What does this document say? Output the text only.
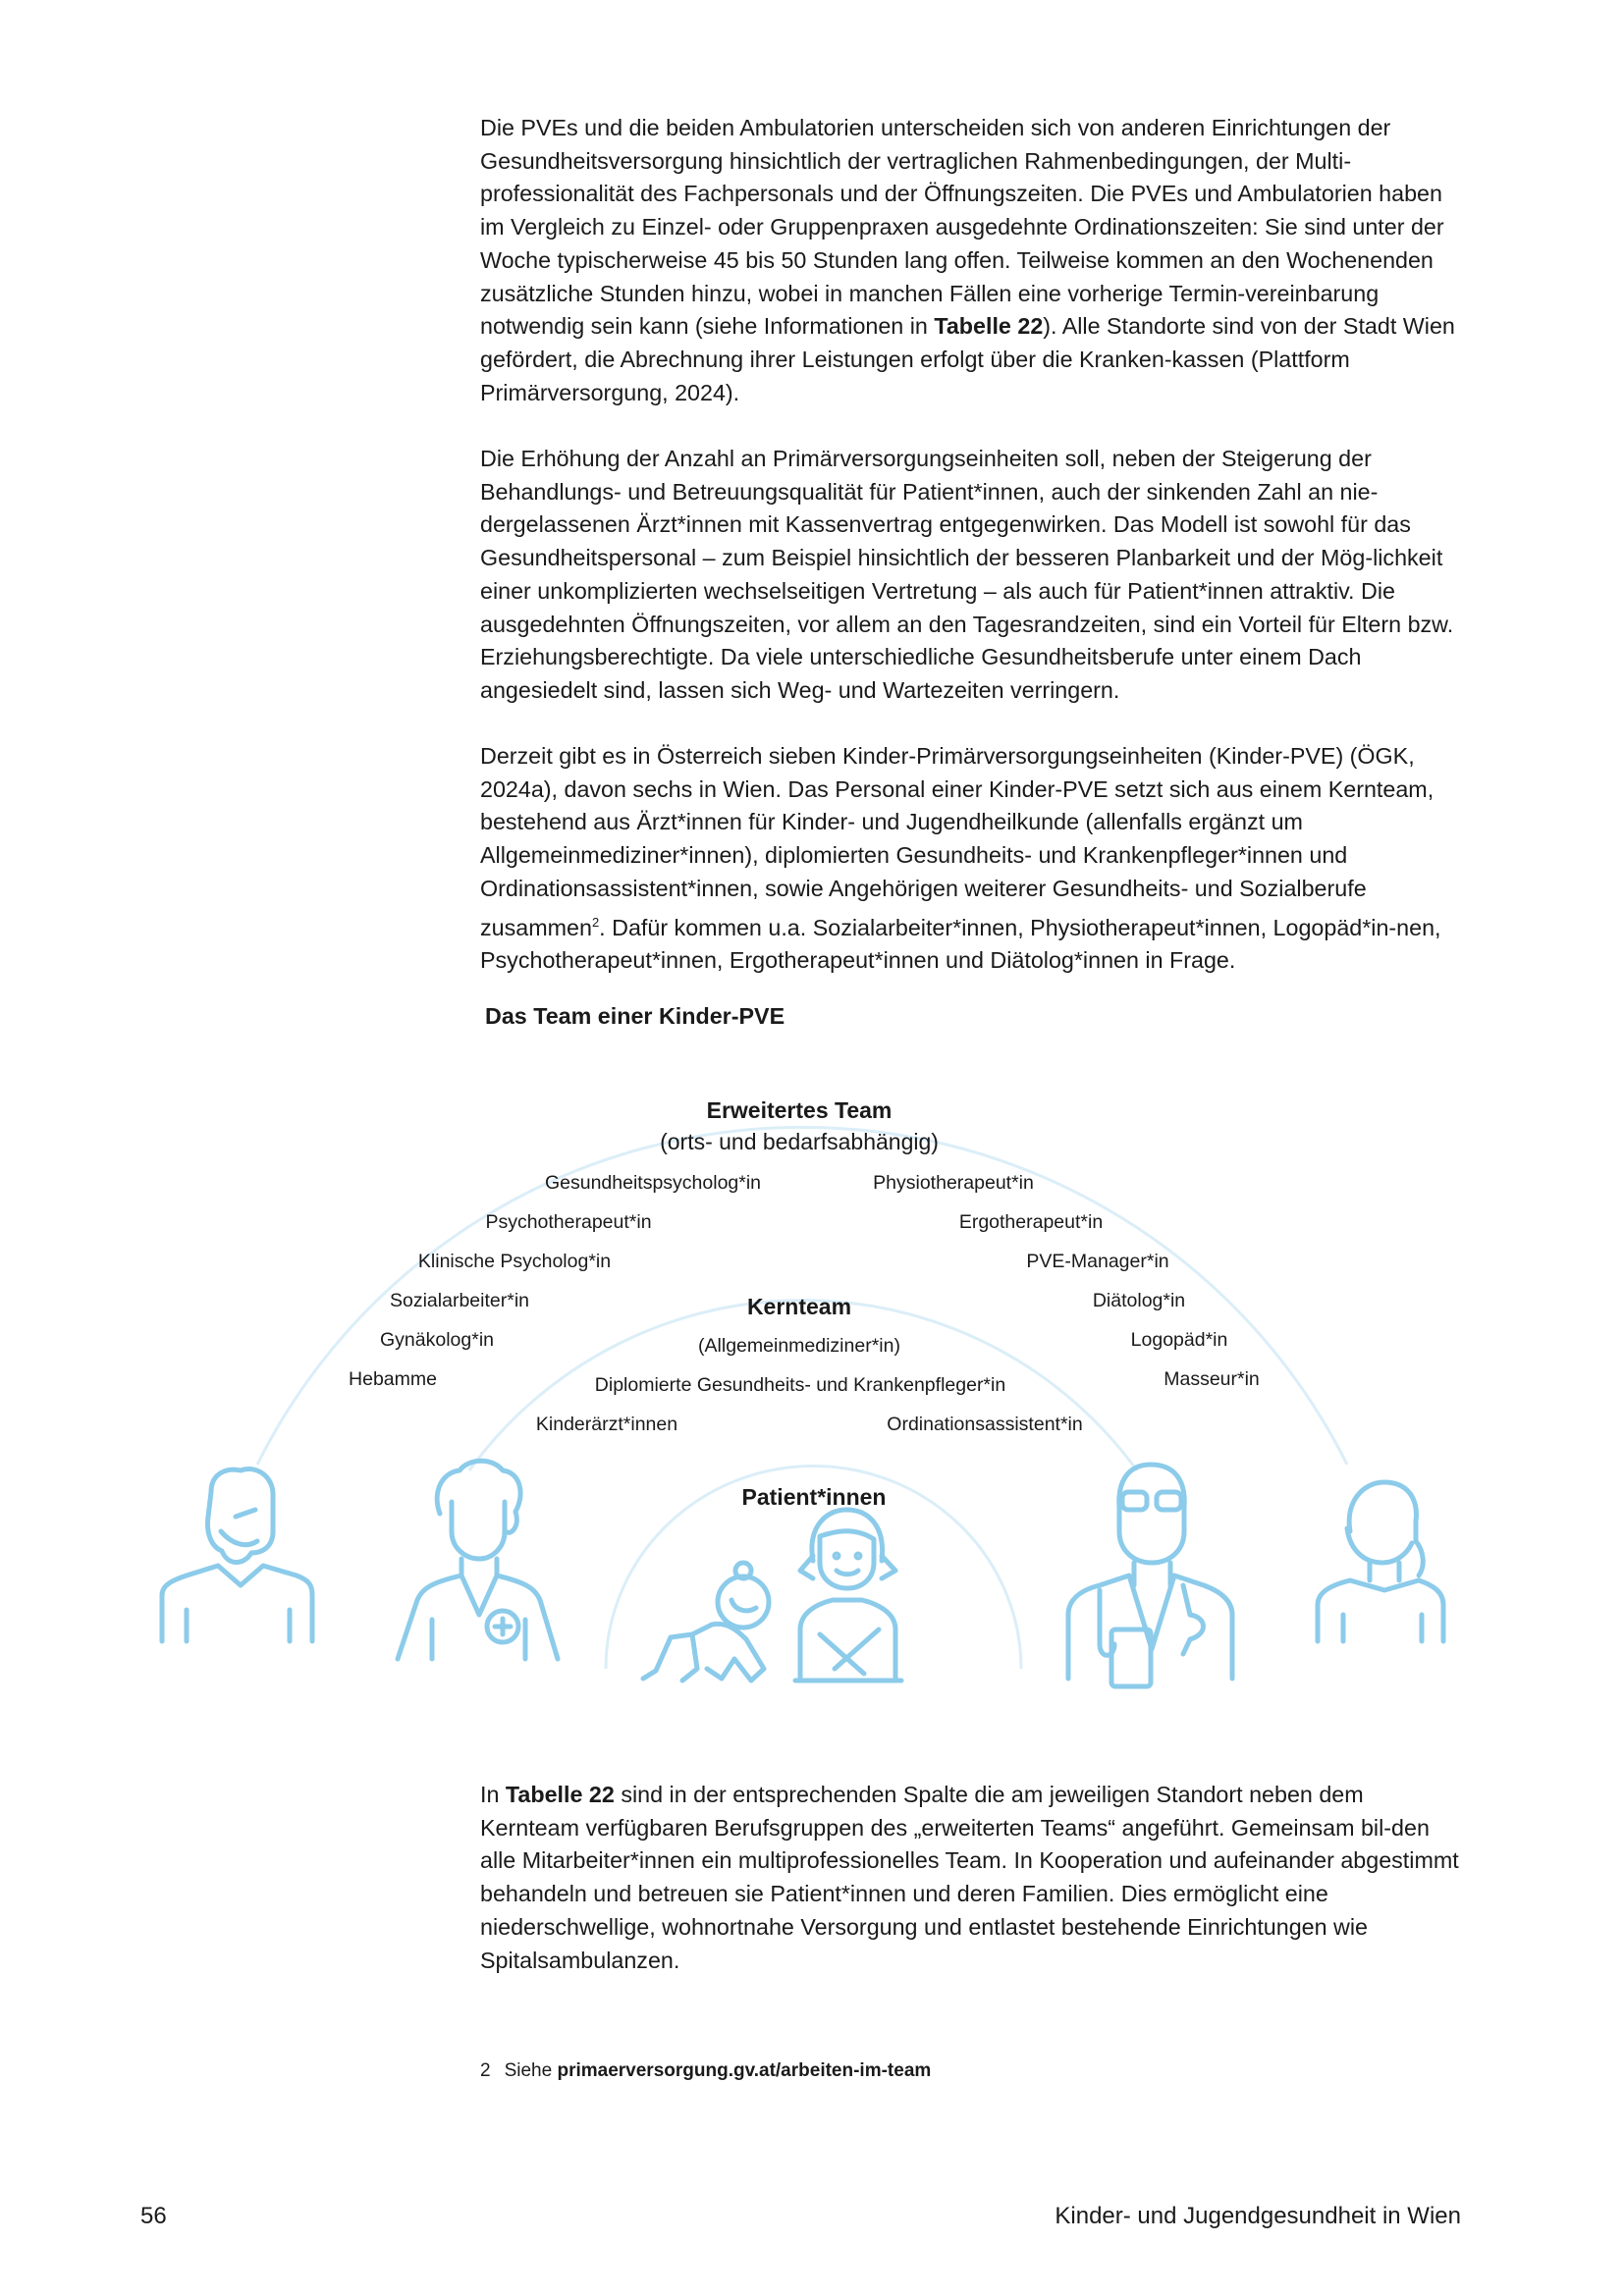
Die PVEs und die beiden Ambulatorien unterscheiden sich von anderen Einrichtungen der Gesundheitsversorgung hinsichtlich der vertraglichen Rahmenbedingungen, der Multi-professionalität des Fachpersonals und der Öffnungszeiten. Die PVEs und Ambulatorien haben im Vergleich zu Einzel- oder Gruppenpraxen ausgedehnte Ordinationszeiten: Sie sind unter der Woche typischerweise 45 bis 50 Stunden lang offen. Teilweise kommen an den Wochenenden zusätzliche Stunden hinzu, wobei in manchen Fällen eine vorherige Termin-vereinbarung notwendig sein kann (siehe Informationen in Tabelle 22). Alle Standorte sind von der Stadt Wien gefördert, die Abrechnung ihrer Leistungen erfolgt über die Kranken-kassen (Plattform Primärversorgung, 2024).

Die Erhöhung der Anzahl an Primärversorgungseinheiten soll, neben der Steigerung der Behandlungs- und Betreuungsqualität für Patient*innen, auch der sinkenden Zahl an nie-dergelassenen Ärzt*innen mit Kassenvertrag entgegenwirken. Das Modell ist sowohl für das Gesundheitspersonal – zum Beispiel hinsichtlich der besseren Planbarkeit und der Mög-lichkeit einer unkomplizierten wechselseitigen Vertretung – als auch für Patient*innen attraktiv. Die ausgedehnten Öffnungszeiten, vor allem an den Tagesrandzeiten, sind ein Vorteil für Eltern bzw. Erziehungsberechtigte. Da viele unterschiedliche Gesundheitsberufe unter einem Dach angesiedelt sind, lassen sich Weg- und Wartezeiten verringern.

Derzeit gibt es in Österreich sieben Kinder-Primärversorgungseinheiten (Kinder-PVE) (ÖGK, 2024a), davon sechs in Wien. Das Personal einer Kinder-PVE setzt sich aus einem Kernteam, bestehend aus Ärzt*innen für Kinder- und Jugendheilkunde (allenfalls ergänzt um Allgemeinmediziner*innen), diplomierten Gesundheits- und Krankenpfleger*innen und Ordinationsassistent*innen, sowie Angehörigen weiterer Gesundheits- und Sozialberufe zusammen$^2$. Dafür kommen u.a. Sozialarbeiter*innen, Physiotherapeut*innen, Logopäd*in-nen, Psychotherapeut*innen, Ergotherapeut*innen und Diätolog*innen in Frage.

Das Team einer Kinder-PVE

Erweitertes Team
(orts- und bedarfsabhängig)
Gesundheitspsycholog*in
Psychotherapeut*in
Klinische Psycholog*in
Sozialarbeiter*in
Gynäkolog*in
Hebamme
Physiotherapeut*in
Ergotherapeut*in
PVE-Manager*in
Diätolog*in
Logopäd*in
Masseur*in
Kernteam
(Allgemeinmediziner*in)
Diplomierte Gesundheits- und Krankenpfleger*in
Kinderärzt*innen	Ordinationsassistent*in
Patient*innen

In Tabelle 22 sind in der entsprechenden Spalte die am jeweiligen Standort neben dem Kernteam verfügbaren Berufsgruppen des „erweiterten Teams“ angeführt. Gemeinsam bil-den alle Mitarbeiter*innen ein multiprofessionelles Team. In Kooperation und aufeinander abgestimmt behandeln und betreuen sie Patient*innen und deren Familien. Dies ermöglicht eine niederschwellige, wohnortnahe Versorgung und entlastet bestehende Einrichtungen wie Spitalsambulanzen.

2 Siehe primaerversorgung.gv.at/arbeiten-im-team
56	Kinder- und Jugendgesundheit in Wien
